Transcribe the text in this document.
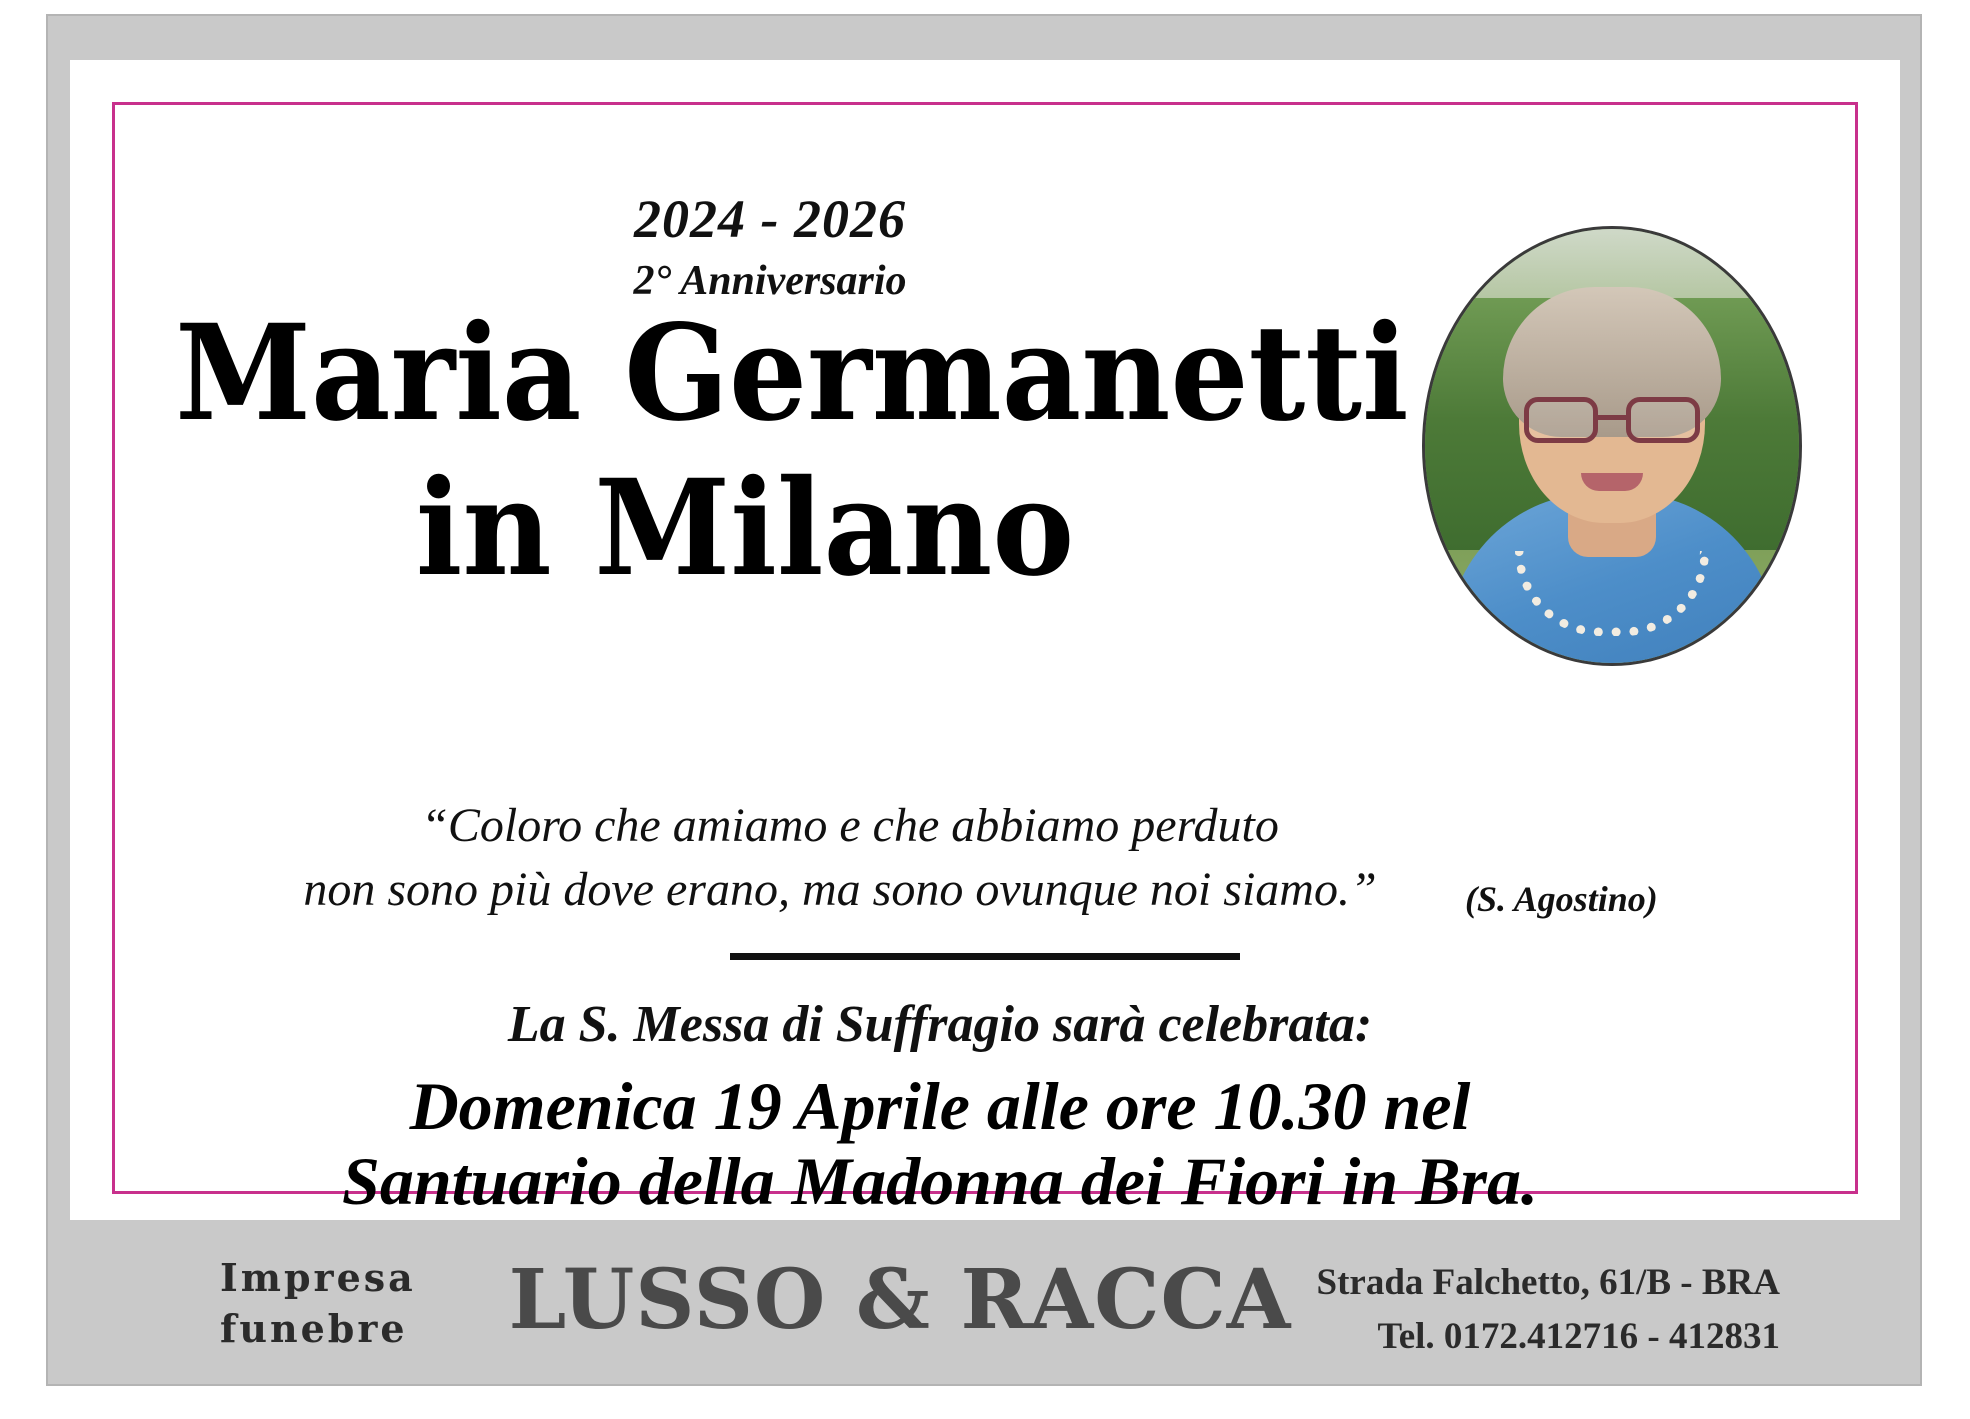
2024 - 2026
2° Anniversario
Maria Germanetti
in Milano
“Coloro che amiamo e che abbiamo perduto
non sono più dove erano, ma sono ovunque noi siamo.”	(S. Agostino)
La S. Messa di Suffragio sarà celebrata:
Domenica 19 Aprile alle ore 10.30 nel
Santuario della Madonna dei Fiori in Bra.
Impresa
funebre	LUSSO & RACCA Strada Falchetto, 61/B - BRA
Tel. 0172.412716 - 412831
